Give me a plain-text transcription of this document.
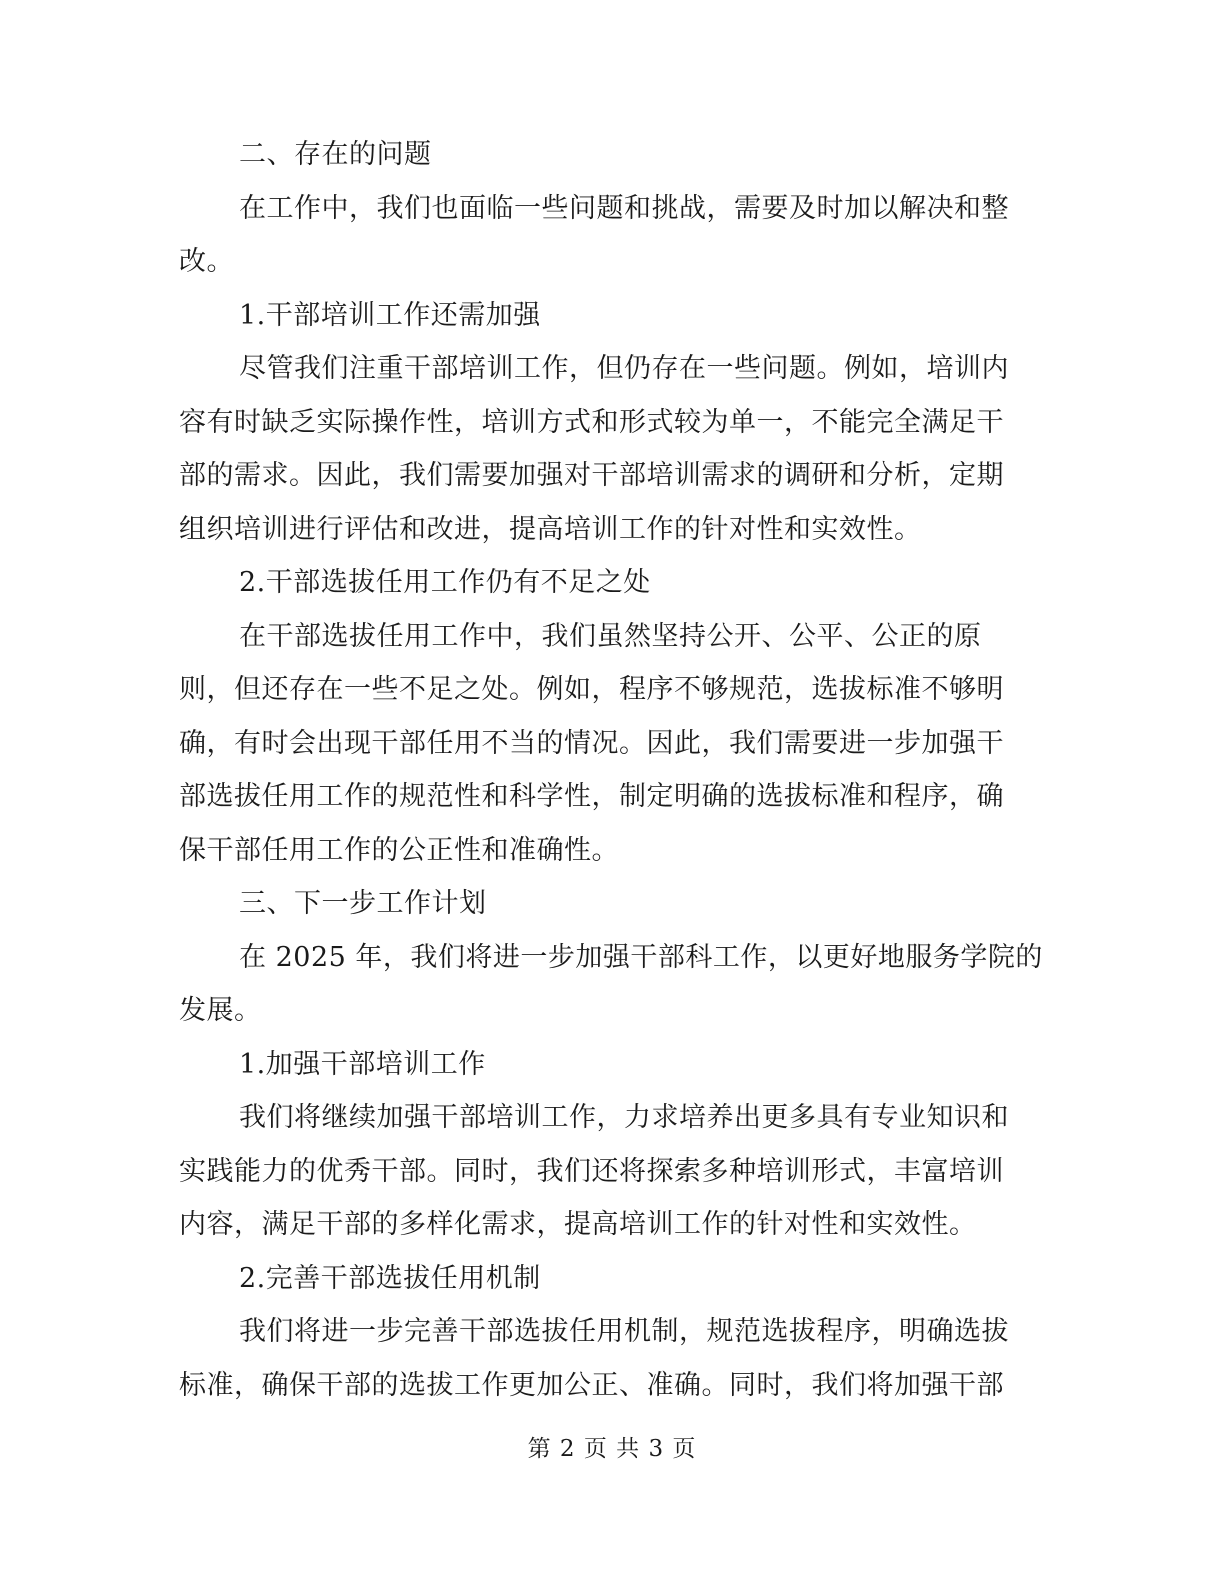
二、存在的问题

在工作中，我们也面临一些问题和挑战，需要及时加以解决和整

改。

1.干部培训工作还需加强

尽管我们注重干部培训工作，但仍存在一些问题。例如，培训内

容有时缺乏实际操作性，培训方式和形式较为单一，不能完全满足干

部的需求。因此，我们需要加强对干部培训需求的调研和分析，定期

组织培训进行评估和改进，提高培训工作的针对性和实效性。

2.干部选拔任用工作仍有不足之处

在干部选拔任用工作中，我们虽然坚持公开、公平、公正的原

则，但还存在一些不足之处。例如，程序不够规范，选拔标准不够明

确，有时会出现干部任用不当的情况。因此，我们需要进一步加强干

部选拔任用工作的规范性和科学性，制定明确的选拔标准和程序，确

保干部任用工作的公正性和准确性。

三、下一步工作计划

在 2025 年，我们将进一步加强干部科工作，以更好地服务学院的

发展。

1.加强干部培训工作

我们将继续加强干部培训工作，力求培养出更多具有专业知识和

实践能力的优秀干部。同时，我们还将探索多种培训形式，丰富培训

内容，满足干部的多样化需求，提高培训工作的针对性和实效性。

2.完善干部选拔任用机制

我们将进一步完善干部选拔任用机制，规范选拔程序，明确选拔

标准，确保干部的选拔工作更加公正、准确。同时，我们将加强干部

第 2 页 共 3 页
